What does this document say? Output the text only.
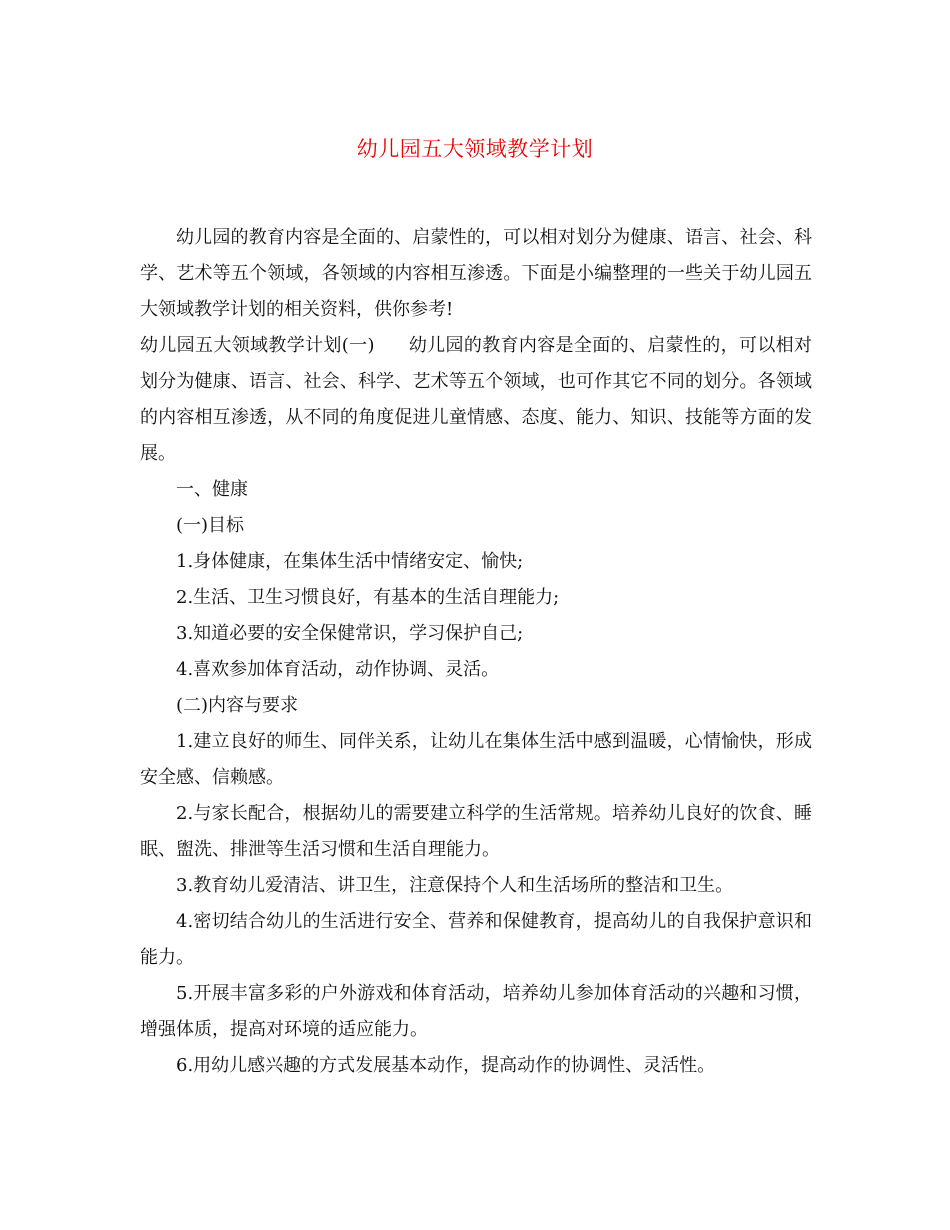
幼儿园五大领域教学计划

幼儿园的教育内容是全面的、启蒙性的，可以相对划分为健康、语言、社会、科学、艺术等五个领域，各领域的内容相互渗透。下面是小编整理的一些关于幼儿园五大领域教学计划的相关资料，供你参考!

幼儿园五大领域教学计划(一) 幼儿园的教育内容是全面的、启蒙性的，可以相对划分为健康、语言、社会、科学、艺术等五个领域，也可作其它不同的划分。各领域的内容相互渗透，从不同的角度促进儿童情感、态度、能力、知识、技能等方面的发展。

一、健康

(一)目标

1.身体健康，在集体生活中情绪安定、愉快;

2.生活、卫生习惯良好，有基本的生活自理能力;

3.知道必要的安全保健常识，学习保护自己;

4.喜欢参加体育活动，动作协调、灵活。

(二)内容与要求

1.建立良好的师生、同伴关系，让幼儿在集体生活中感到温暖，心情愉快，形成安全感、信赖感。

2.与家长配合，根据幼儿的需要建立科学的生活常规。培养幼儿良好的饮食、睡眠、盥洗、排泄等生活习惯和生活自理能力。

3.教育幼儿爱清洁、讲卫生，注意保持个人和生活场所的整洁和卫生。

4.密切结合幼儿的生活进行安全、营养和保健教育，提高幼儿的自我保护意识和能力。

5.开展丰富多彩的户外游戏和体育活动，培养幼儿参加体育活动的兴趣和习惯，增强体质，提高对环境的适应能力。

6.用幼儿感兴趣的方式发展基本动作，提高动作的协调性、灵活性。
